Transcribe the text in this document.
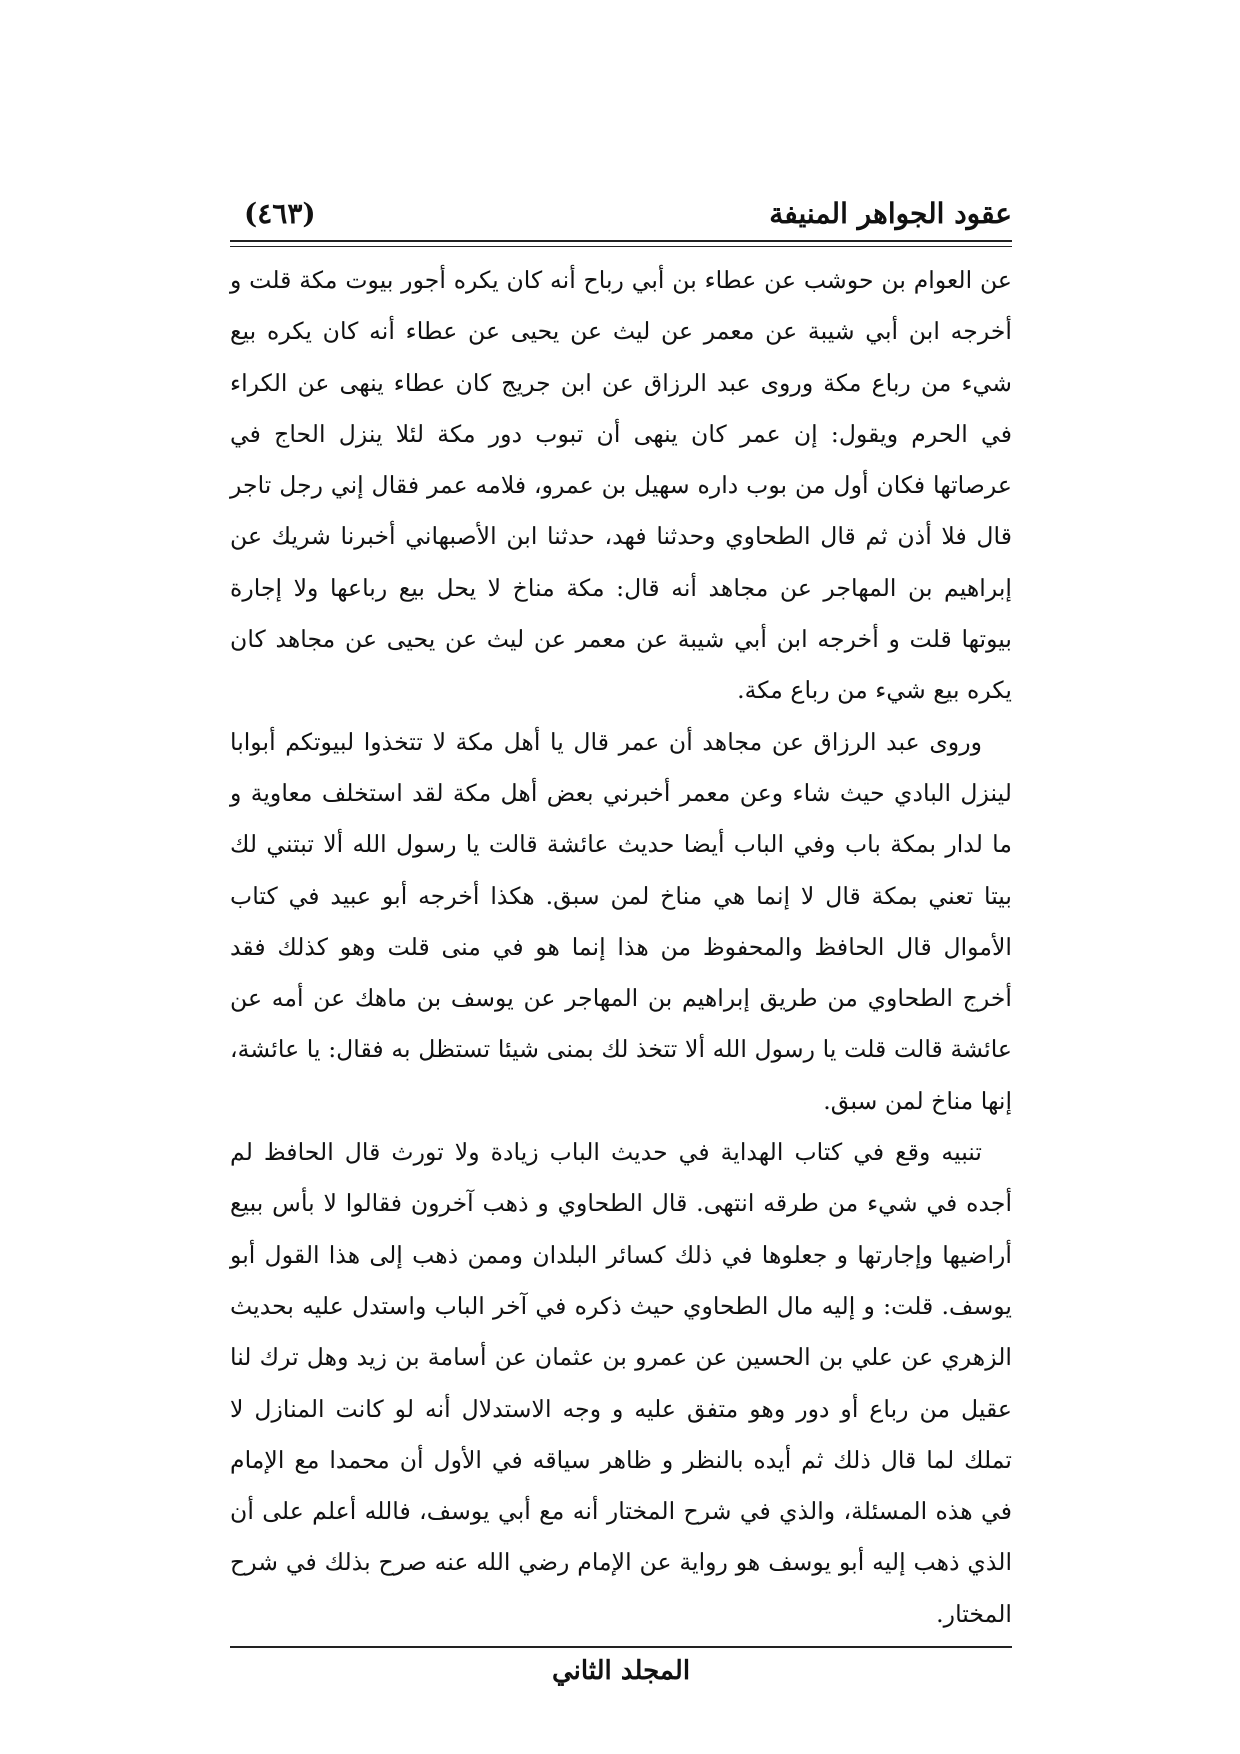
عقود الجواهر المنيفة
(٤٦٣)

عن العوام بن حوشب عن عطاء بن أبي رباح أنه كان يكره أجور بيوت مكة قلت و أخرجه ابن أبي شيبة عن معمر عن ليث عن يحيى عن عطاء أنه كان يكره بيع شيء من رباع مكة وروى عبد الرزاق عن ابن جريج كان عطاء ينهى عن الكراء في الحرم ويقول: إن عمر كان ينهى أن تبوب دور مكة لئلا ينزل الحاج في عرصاتها فكان أول من بوب داره سهيل بن عمرو، فلامه عمر فقال إني رجل تاجر قال فلا أذن ثم قال الطحاوي وحدثنا فهد، حدثنا ابن الأصبهاني أخبرنا شريك عن إبراهيم بن المهاجر عن مجاهد أنه قال: مكة مناخ لا يحل بيع رباعها ولا إجارة بيوتها قلت و أخرجه ابن أبي شيبة عن معمر عن ليث عن يحيى عن مجاهد كان يكره بيع شيء من رباع مكة.

وروى عبد الرزاق عن مجاهد أن عمر قال يا أهل مكة لا تتخذوا لبيوتكم أبوابا لينزل البادي حيث شاء وعن معمر أخبرني بعض أهل مكة لقد استخلف معاوية و ما لدار بمكة باب وفي الباب أيضا حديث عائشة قالت يا رسول الله ألا تبتني لك بيتا تعني بمكة قال لا إنما هي مناخ لمن سبق. هكذا أخرجه أبو عبيد في كتاب الأموال قال الحافظ والمحفوظ من هذا إنما هو في منى قلت وهو كذلك فقد أخرج الطحاوي من طريق إبراهيم بن المهاجر عن يوسف بن ماهك عن أمه عن عائشة قالت قلت يا رسول الله ألا تتخذ لك بمنى شيئا تستظل به فقال: يا عائشة، إنها مناخ لمن سبق.

تنبيه وقع في كتاب الهداية في حديث الباب زيادة ولا تورث قال الحافظ لم أجده في شيء من طرقه انتهى. قال الطحاوي و ذهب آخرون فقالوا لا بأس ببيع أراضيها وإجارتها و جعلوها في ذلك كسائر البلدان وممن ذهب إلى هذا القول أبو يوسف. قلت: و إليه مال الطحاوي حيث ذكره في آخر الباب واستدل عليه بحديث الزهري عن علي بن الحسين عن عمرو بن عثمان عن أسامة بن زيد وهل ترك لنا عقيل من رباع أو دور وهو متفق عليه و وجه الاستدلال أنه لو كانت المنازل لا تملك لما قال ذلك ثم أيده بالنظر و ظاهر سياقه في الأول أن محمدا مع الإمام في هذه المسئلة، والذي في شرح المختار أنه مع أبي يوسف، فالله أعلم على أن الذي ذهب إليه أبو يوسف هو رواية عن الإمام رضي الله عنه صرح بذلك في شرح المختار.

المجلد الثاني
